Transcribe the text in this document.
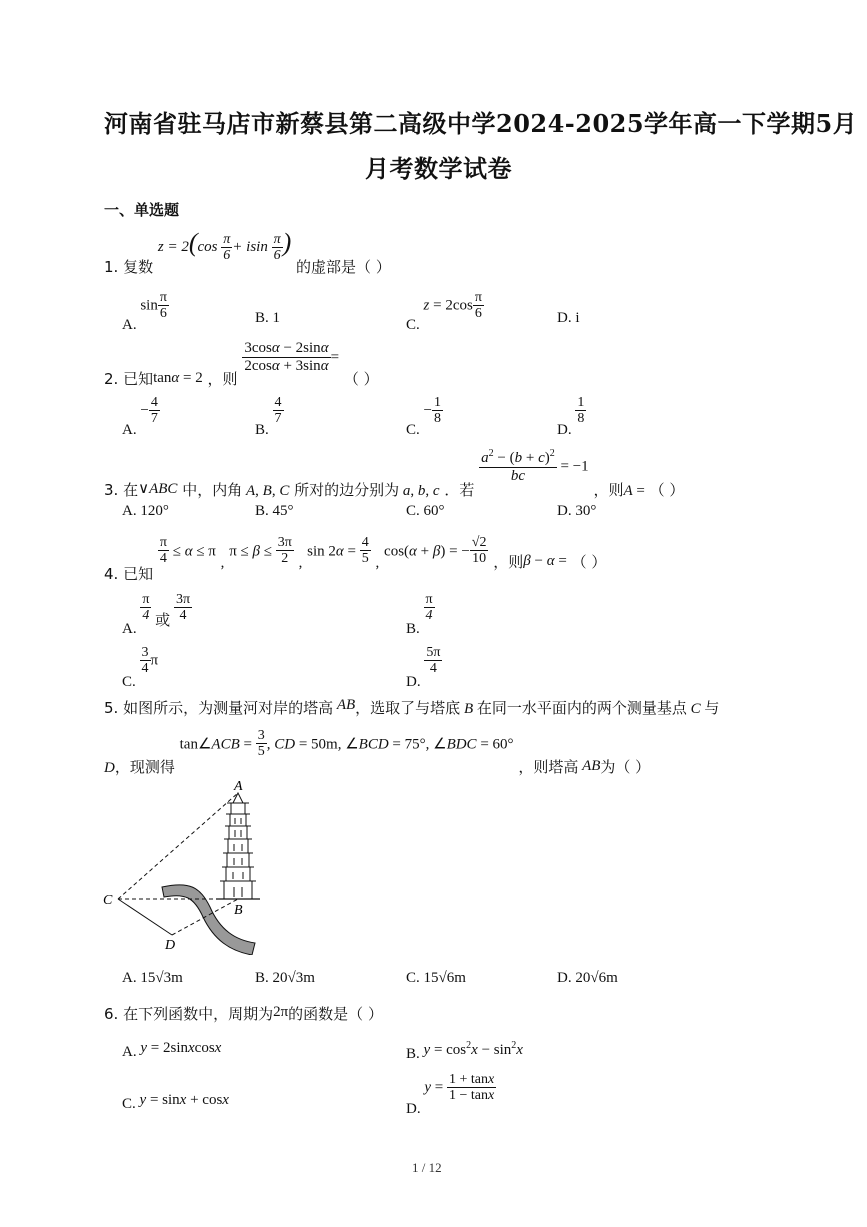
河南省驻马店市新蔡县第二高级中学2024-2025学年高一下学期5月
月考数学试卷
一、单选题
1. 复数 $z = 2(\cos \frac{\pi}{6} + isin \frac{\pi}{6}$ ) 的虚部是（ ）
A. $\sin \frac{\pi}{6}$	B. 1	C. $z = 2\cos \frac{\pi}{6}$	D. i
2. 已知tanα = 2 ，则
$\frac{3\cos\alpha - 2\sin\alpha}{2\cos\alpha + 3\sin\alpha}$ = （ ）
A. − $\frac{4}{7}$
B.
$\frac{4}{7}$
C. − $\frac{1}{8}$
D.
$\frac{1}{8}$
3. 在∨ABC 中，内角 A, B, C 所对的边分别为 a, b, c ．若
$\frac{a^2 - (b + c)^2}{bc} = -1$ ，则A = （ ）
A. 120°	B. 45°	C. 60°	D. 30°
4. 已知
$\frac{\pi}{4} \le \alpha \le \pi$ , $\pi \le \beta \le \frac{3\pi}{2}$ , $\sin 2\alpha = \frac{4}{5}$ , cos(α + β) = − $\frac{√2}{10}$ ，则β − α = （ ）
A.
$\frac{\pi}{4}$ 或 $\frac{3\pi}{4}$
B.
$\frac{\pi}{4}$
C.
$\frac{3}{4}$ π
D.
$\frac{5\pi}{4}$
5. 如图所示，为测量河对岸的塔高 AB，选取了与塔底 B 在同一水平面内的两个测量基点 C 与
D，现测得 tan∠ACB = $\frac{3}{5}$ , CD = 50m, ∠BCD = 75°, ∠BDC = 60° ，则塔高 AB为（ ）
A
B
C
D
A. 15√3m	B. 20√3m	C. 15√6m	D. 20√6m
6. 在下列函数中，周期为2π的函数是（ ）
A. y = 2sinxcosx	B. $y = \cos^2x - \sin^2x$
C. y = sinx + cosx
D. $y = \frac{1 + \tan x}{1 - \tan x}$
1 / 12
